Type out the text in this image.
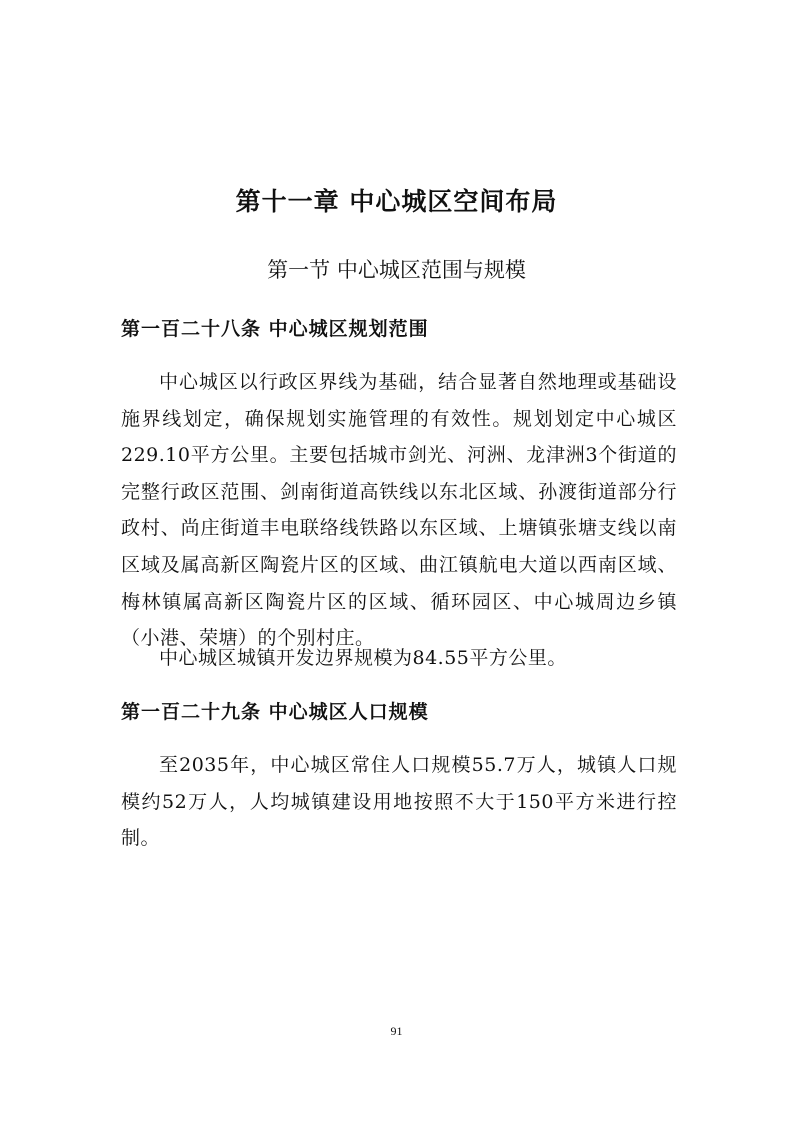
第十一章 中心城区空间布局
第一节 中心城区范围与规模
第一百二十八条 中心城区规划范围

中心城区以行政区界线为基础，结合显著自然地理或基础设施界线划定，确保规划实施管理的有效性。规划划定中心城区229.10平方公里。主要包括城市剑光、河洲、龙津洲3个街道的完整行政区范围、剑南街道高铁线以东北区域、孙渡街道部分行政村、尚庄街道丰电联络线铁路以东区域、上塘镇张塘支线以南区域及属高新区陶瓷片区的区域、曲江镇航电大道以西南区域、梅林镇属高新区陶瓷片区的区域、循环园区、中心城周边乡镇（小港、荣塘）的个别村庄。

中心城区城镇开发边界规模为84.55平方公里。

第一百二十九条 中心城区人口规模

至2035年，中心城区常住人口规模55.7万人，城镇人口规模约52万人，人均城镇建设用地按照不大于150平方米进行控制。

91
